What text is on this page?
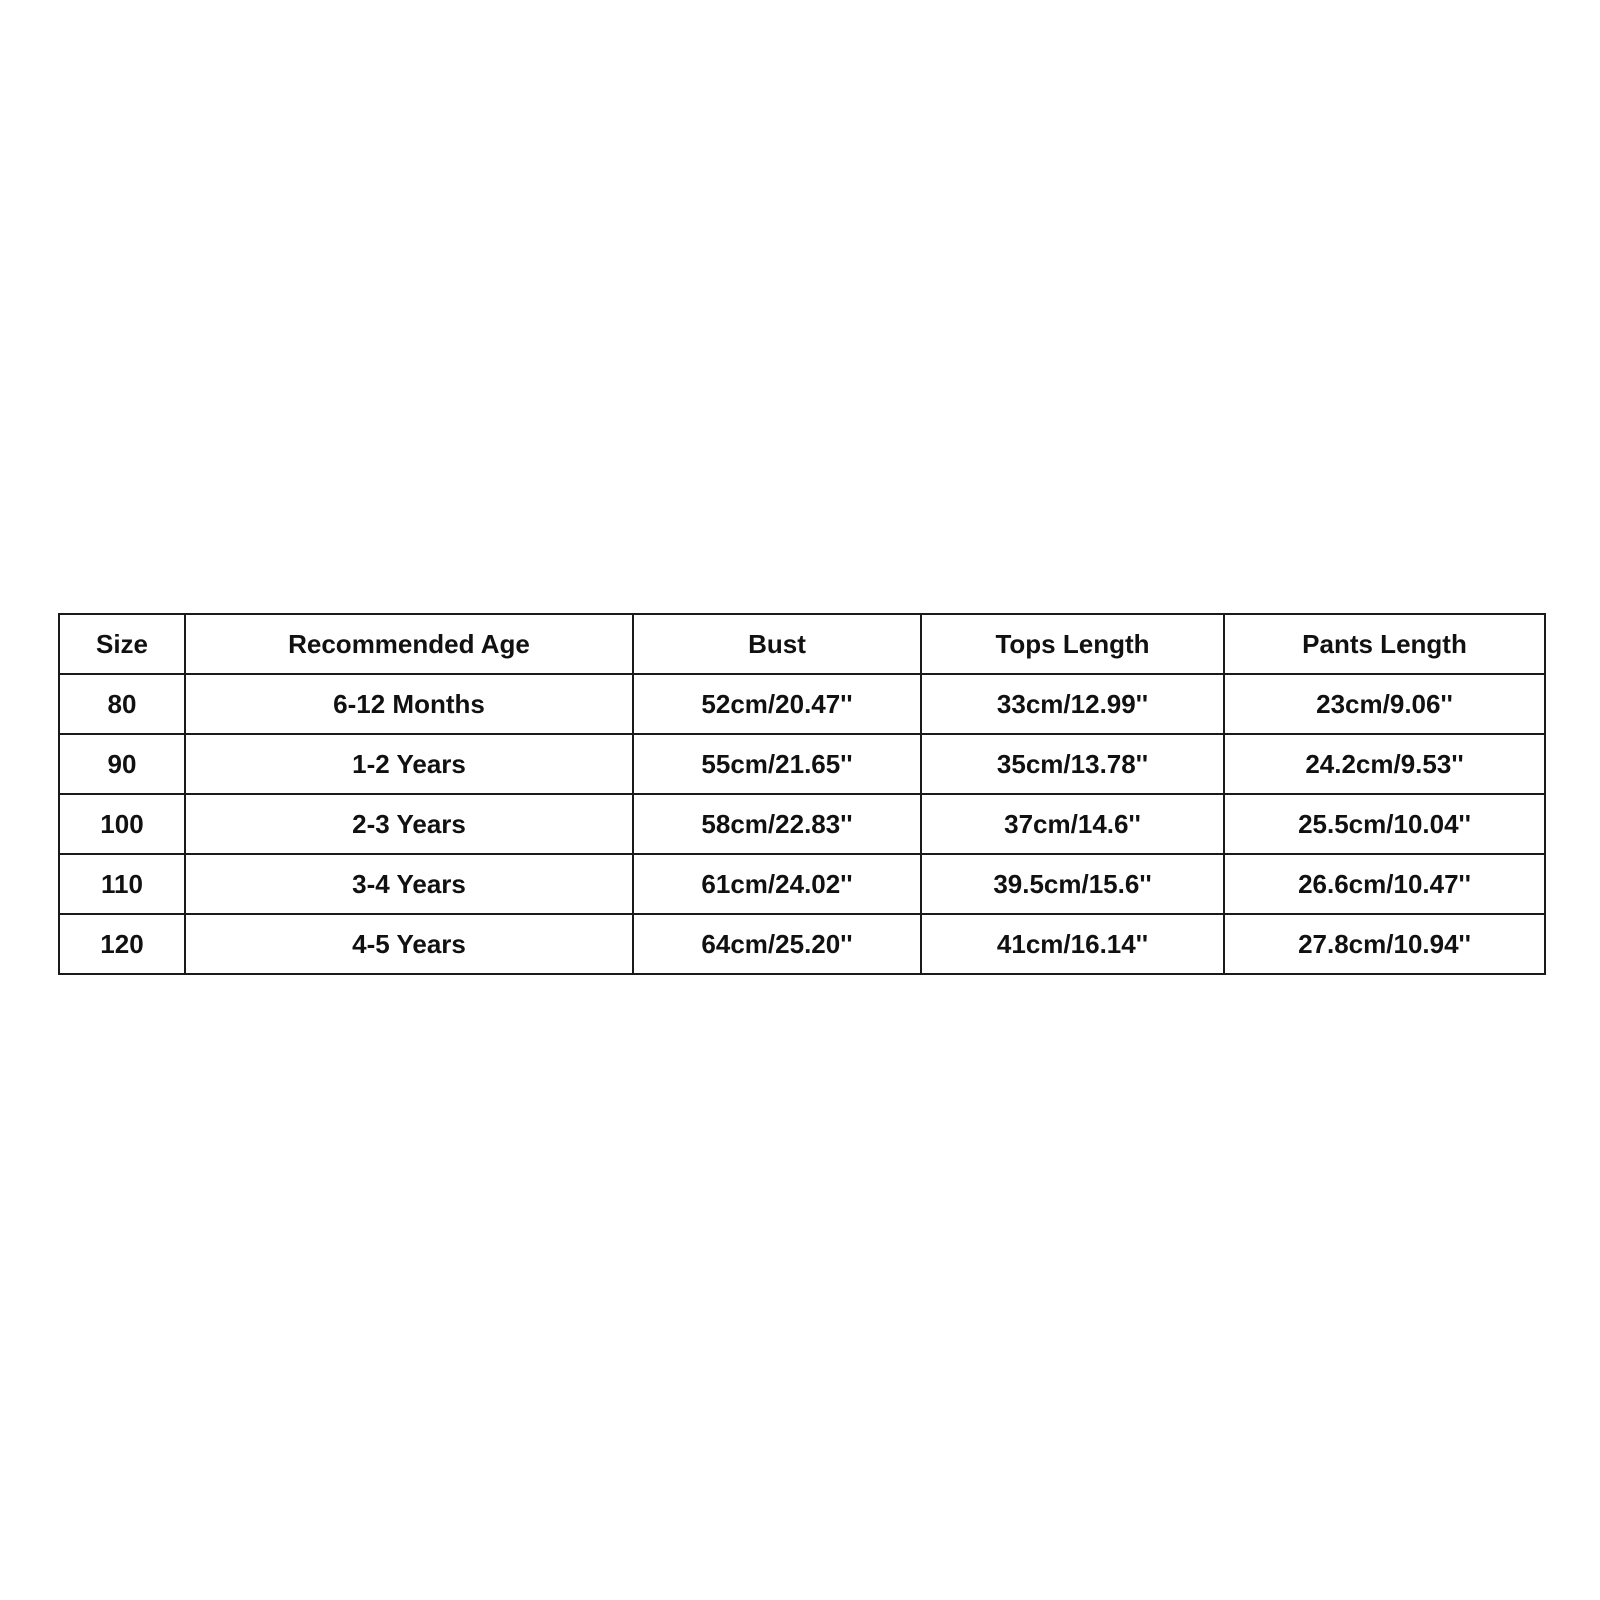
Size	Recommended Age	Bust	Tops Length	Pants Length
80	6-12 Months	52cm/20.47''	33cm/12.99''	23cm/9.06''
90	1-2 Years	55cm/21.65''	35cm/13.78''	24.2cm/9.53''
100	2-3 Years	58cm/22.83''	37cm/14.6''	25.5cm/10.04''
110	3-4 Years	61cm/24.02''	39.5cm/15.6''	26.6cm/10.47''
120	4-5 Years	64cm/25.20''	41cm/16.14''	27.8cm/10.94''
